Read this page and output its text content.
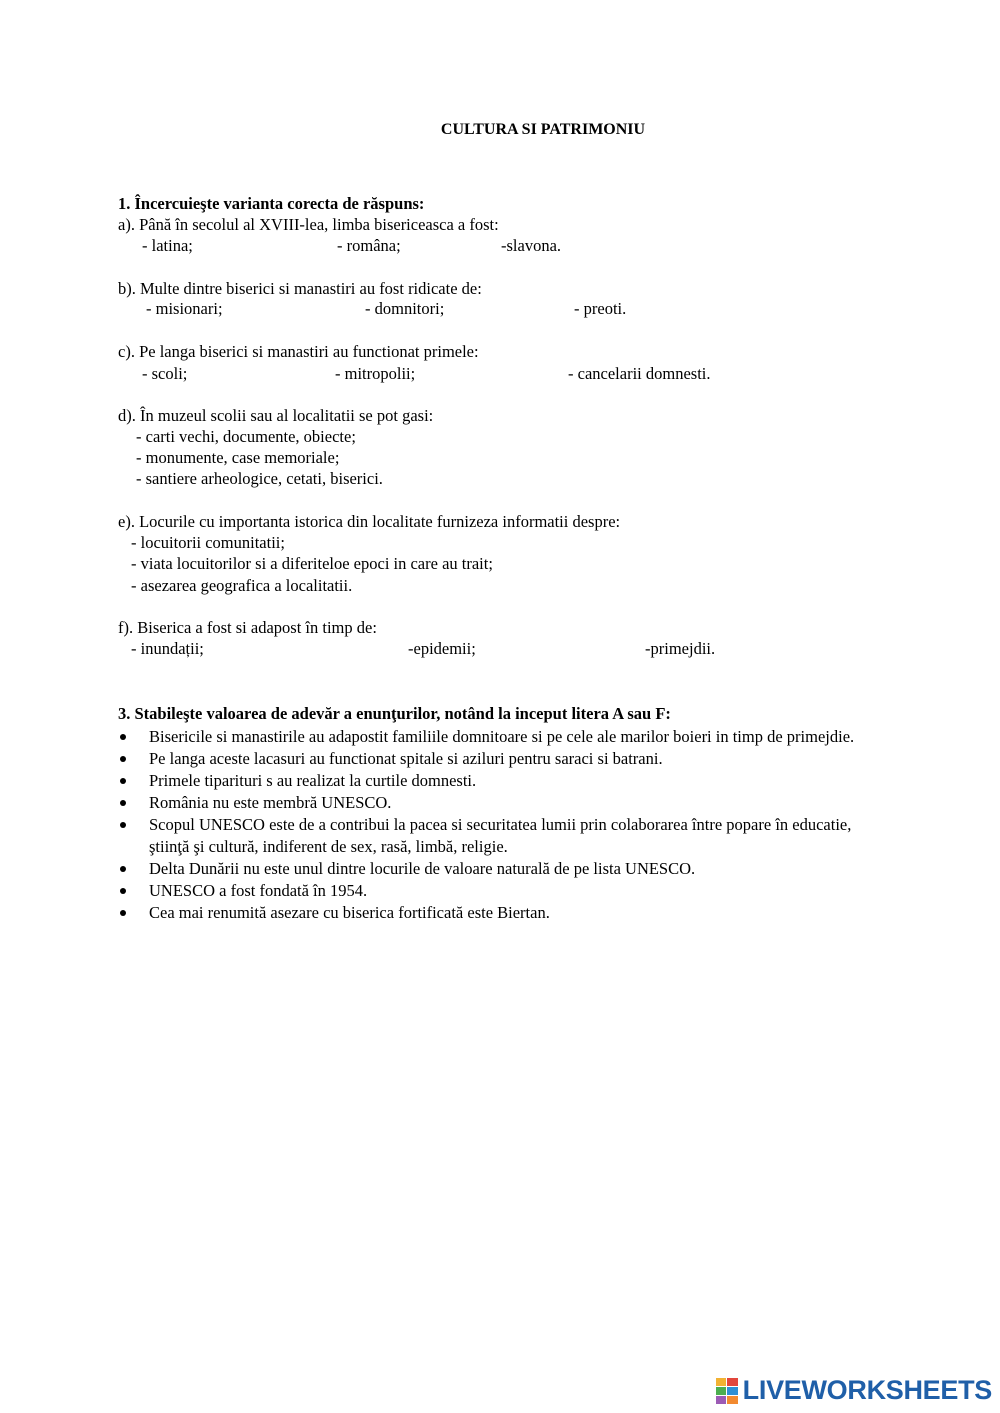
CULTURA SI PATRIMONIU
1. Încercuieşte varianta corecta de răspuns:
a). Până în secolul al XVIII-lea, limba bisericeasca a fost:
- latina;	- româna;	-slavona.
b). Multe dintre biserici si manastiri au fost ridicate de:
- misionari;	- domnitori;	- preoti.
c). Pe langa biserici si manastiri au functionat primele:
- scoli;	- mitropolii;	- cancelarii domnesti.
d). În muzeul scolii sau al localitatii se pot gasi:
- carti vechi, documente, obiecte;
- monumente, case memoriale;
- santiere arheologice, cetati, biserici.
e). Locurile cu importanta istorica din localitate furnizeza informatii despre:
- locuitorii comunitatii;
- viata locuitorilor si a diferiteloe epoci in care au trait;
- asezarea geografica a localitatii.
f). Biserica a fost si adapost în timp de:
- inundații;	-epidemii;	-primejdii.
3. Stabileşte valoarea de adevăr a enunţurilor, notând la inceput litera A sau F:
Bisericile si manastirile au adapostit familiile domnitoare si pe cele ale marilor boieri in timp de primejdie.
Pe langa aceste lacasuri au functionat spitale si aziluri pentru saraci si batrani.
Primele tiparituri s au realizat la curtile domnesti.
România nu este membră UNESCO.
Scopul UNESCO este de a contribui la pacea si securitatea lumii prin colaborarea între popare în educatie, ştiinţă şi cultură, indiferent de sex, rasă, limbă, religie.
Delta Dunării nu este unul dintre locurile de valoare naturală de pe lista UNESCO.
UNESCO a fost fondată în 1954.
Cea mai renumită asezare cu biserica fortificată este Biertan.
LIVEWORKSHEETS
